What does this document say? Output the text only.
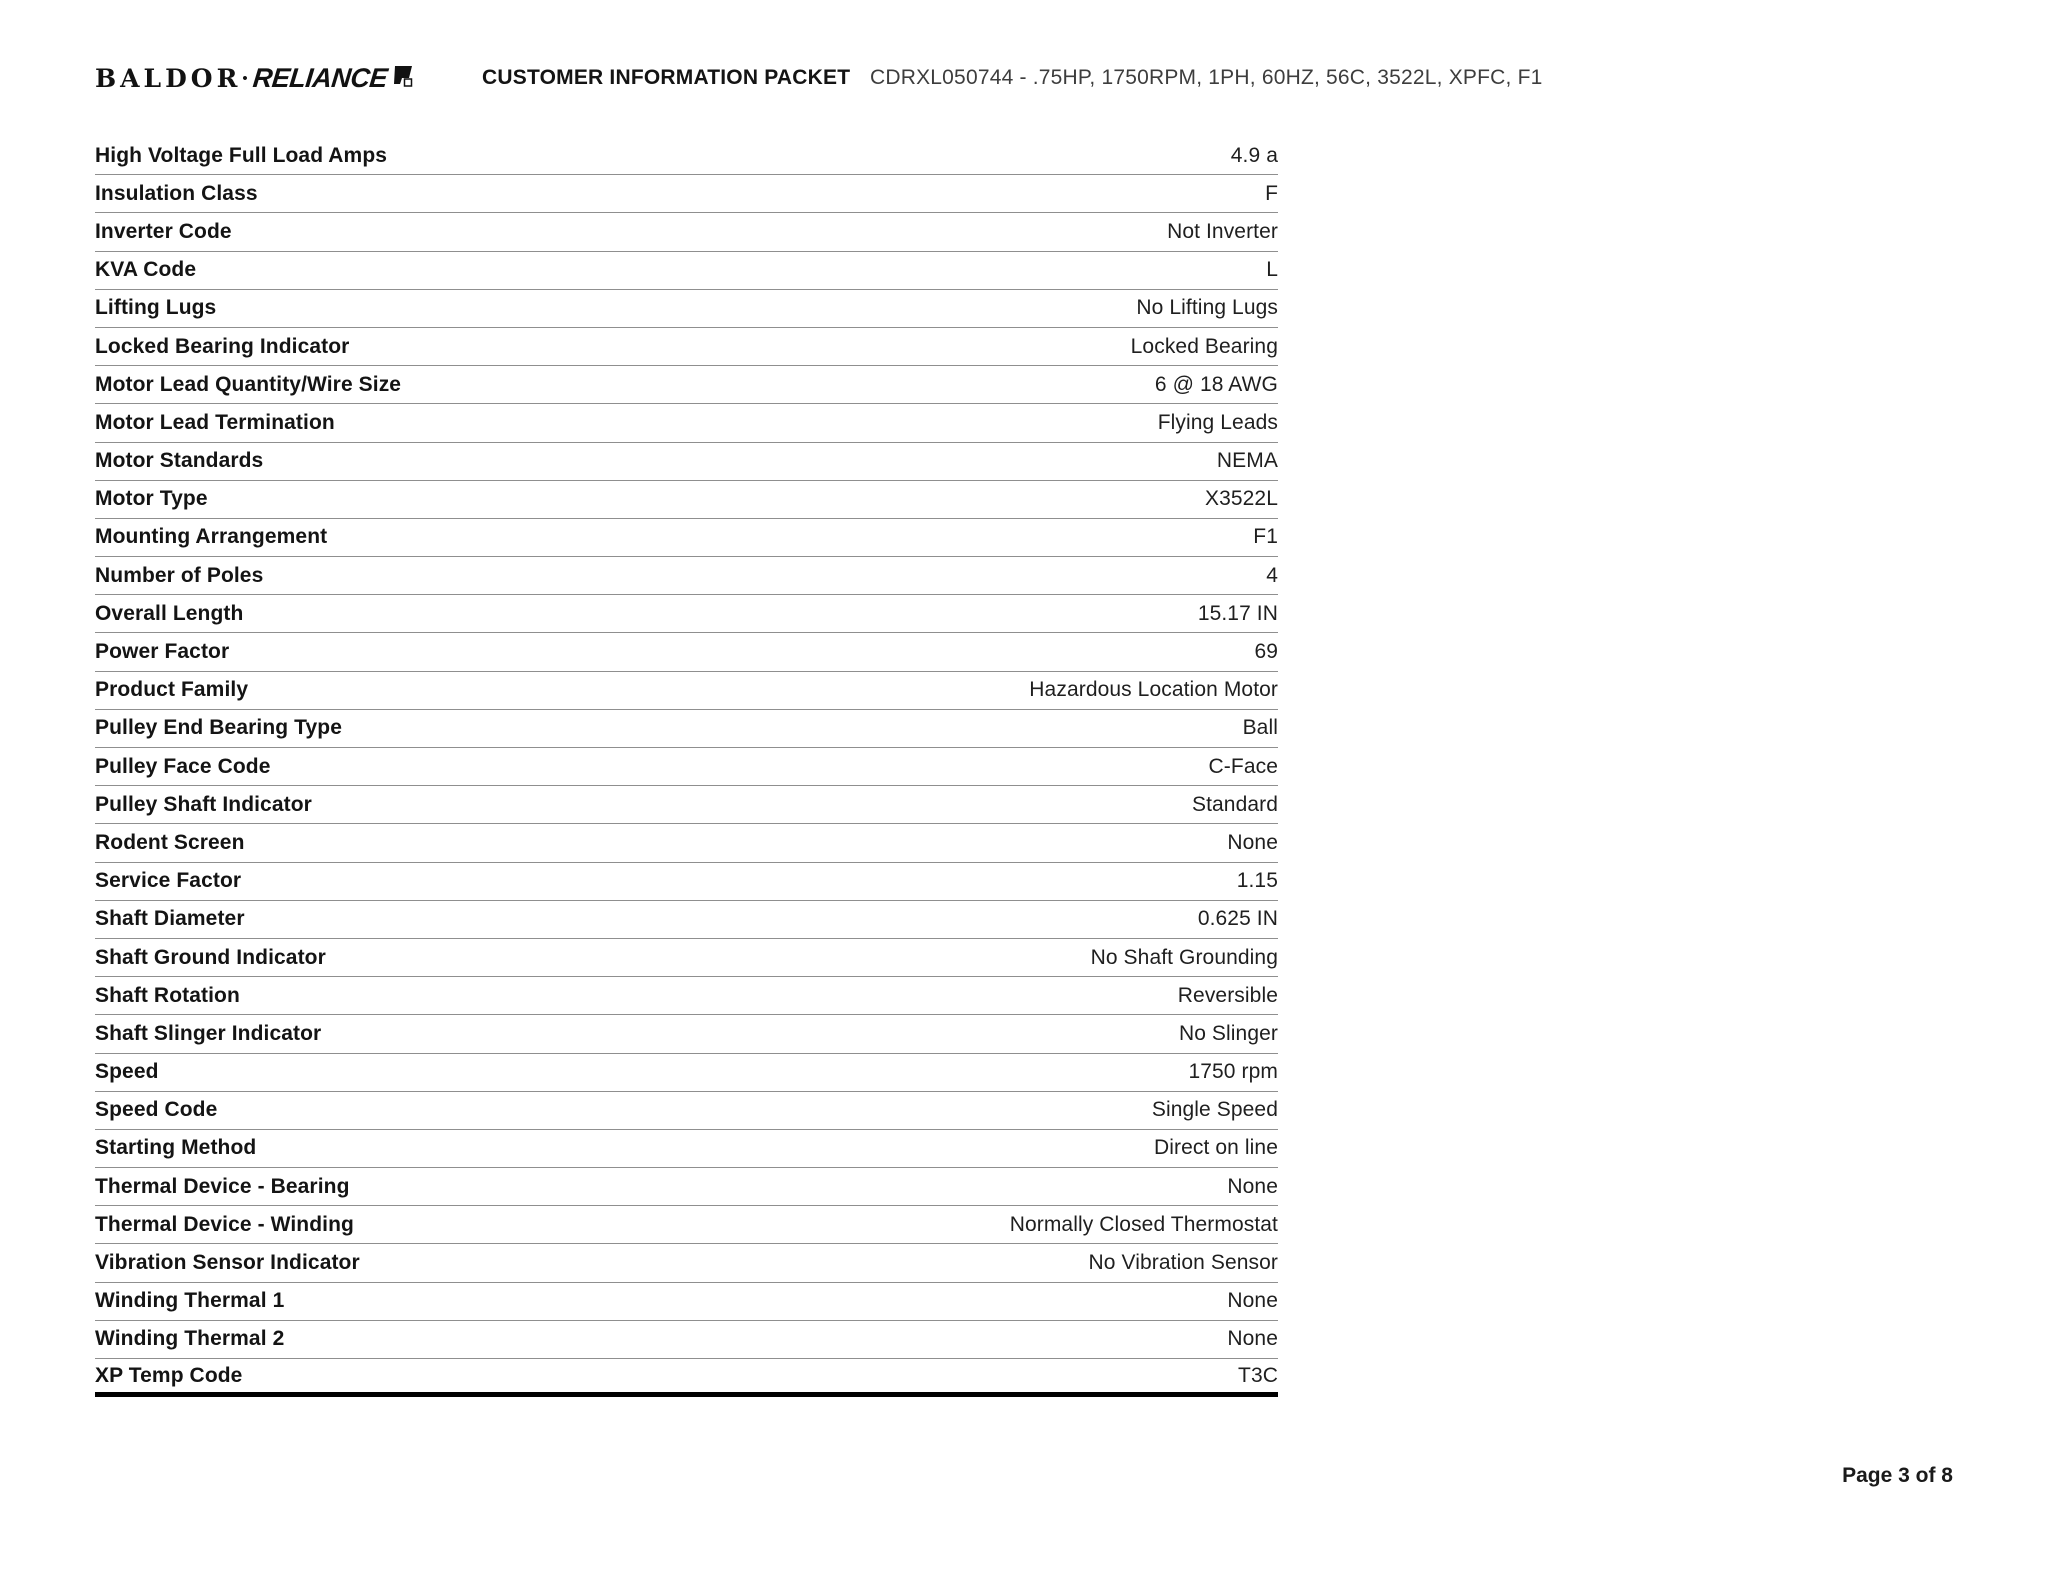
BALDOR • RELIANCE	CUSTOMER INFORMATION PACKET CDRXL050744 - .75HP, 1750RPM, 1PH, 60HZ, 56C, 3522L, XPFC, F1
High Voltage Full Load Amps	4.9 a
Insulation Class	F
Inverter Code	Not Inverter
KVA Code	L
Lifting Lugs	No Lifting Lugs
Locked Bearing Indicator	Locked Bearing
Motor Lead Quantity/Wire Size	6 @ 18 AWG
Motor Lead Termination	Flying Leads
Motor Standards	NEMA
Motor Type	X3522L
Mounting Arrangement	F1
Number of Poles	4
Overall Length	15.17 IN
Power Factor	69
Product Family	Hazardous Location Motor
Pulley End Bearing Type	Ball
Pulley Face Code	C-Face
Pulley Shaft Indicator	Standard
Rodent Screen	None
Service Factor	1.15
Shaft Diameter	0.625 IN
Shaft Ground Indicator	No Shaft Grounding
Shaft Rotation	Reversible
Shaft Slinger Indicator	No Slinger
Speed	1750 rpm
Speed Code	Single Speed
Starting Method	Direct on line
Thermal Device - Bearing	None
Thermal Device - Winding	Normally Closed Thermostat
Vibration Sensor Indicator	No Vibration Sensor
Winding Thermal 1	None
Winding Thermal 2	None
XP Temp Code	T3C
Page 3 of 8
